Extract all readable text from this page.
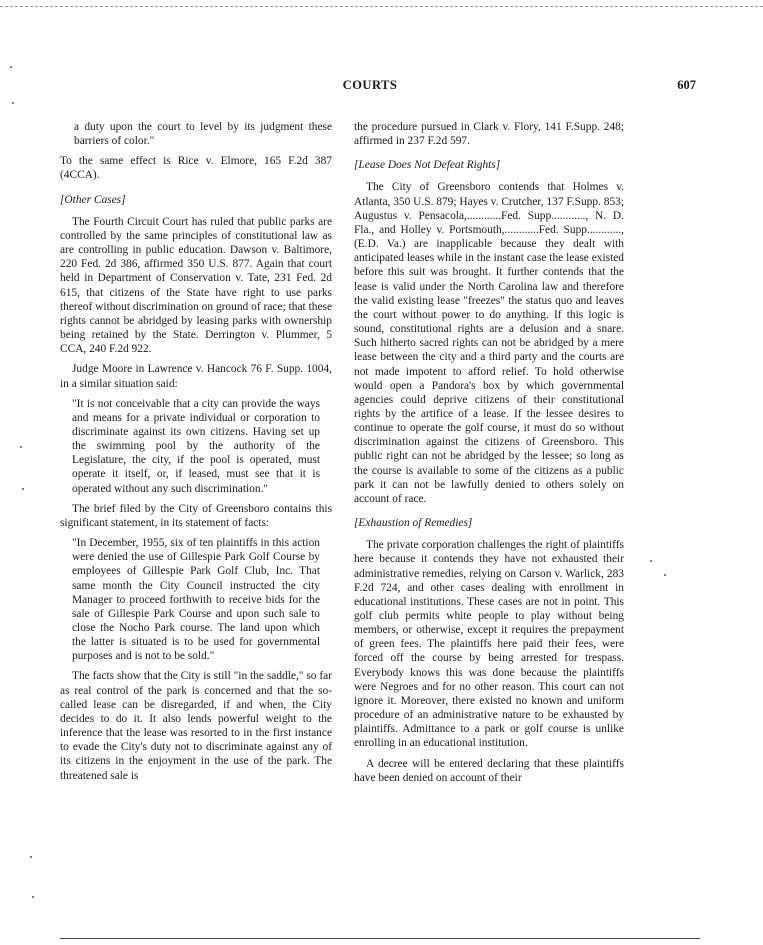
COURTS	607

a duty upon the court to level by its judgment these barriers of color."

To the same effect is Rice v. Elmore, 165 F.2d 387 (4CCA).

[Other Cases]

The Fourth Circuit Court has ruled that public parks are controlled by the same principles of constitutional law as are controlling in public education. Dawson v. Baltimore, 220 Fed. 2d 386, affirmed 350 U.S. 877. Again that court held in Department of Conservation v. Tate, 231 Fed. 2d 615, that citizens of the State have right to use parks thereof without discrimination on ground of race; that these rights cannot be abridged by leasing parks with ownership being retained by the State. Derrington v. Plummer, 5 CCA, 240 F.2d 922.

Judge Moore in Lawrence v. Hancock 76 F. Supp. 1004, in a similar situation said:

"It is not conceivable that a city can provide the ways and means for a private individual or corporation to discriminate against its own citizens. Having set up the swimming pool by the authority of the Legislature, the city, if the pool is operated, must operate it itself, or, if leased, must see that it is operated without any such discrimination."

The brief filed by the City of Greensboro contains this significant statement, in its statement of facts:

"In December, 1955, six of ten plaintiffs in this action were denied the use of Gillespie Park Golf Course by employees of Gillespie Park Golf Club, Inc. That same month the City Council instructed the city Manager to proceed forthwith to receive bids for the sale of Gillespie Park Course and upon such sale to close the Nocho Park course. The land upon which the latter is situated is to be used for governmental purposes and is not to be sold."

The facts show that the City is still "in the saddle," so far as real control of the park is concerned and that the so-called lease can be disregarded, if and when, the City decides to do it. It also lends powerful weight to the inference that the lease was resorted to in the first instance to evade the City's duty not to discriminate against any of its citizens in the enjoyment in the use of the park. The threatened sale is

the procedure pursued in Clark v. Flory, 141 F.Supp. 248; affirmed in 237 F.2d 597.

[Lease Does Not Defeat Rights]

The City of Greensboro contends that Holmes v. Atlanta, 350 U.S. 879; Hayes v. Crutcher, 137 F.Supp. 853; Augustus v. Pensacola,............Fed. Supp............, N. D. Fla., and Holley v. Portsmouth,............Fed. Supp............, (E.D. Va.) are inapplicable because they dealt with anticipated leases while in the instant case the lease existed before this suit was brought. It further contends that the lease is valid under the North Carolina law and therefore the valid existing lease "freezes" the status quo and leaves the court without power to do anything. If this logic is sound, constitutional rights are a delusion and a snare. Such hitherto sacred rights can not be abridged by a mere lease between the city and a third party and the courts are not made impotent to afford relief. To hold otherwise would open a Pandora's box by which governmental agencies could deprive citizens of their constitutional rights by the artifice of a lease. If the lessee desires to continue to operate the golf course, it must do so without discrimination against the citizens of Greensboro. This public right can not be abridged by the lessee; so long as the course is available to some of the citizens as a public park it can not be lawfully denied to others solely on account of race.

[Exhaustion of Remedies]

The private corporation challenges the right of plaintiffs here because it contends they have not exhausted their administrative remedies, relying on Carson v. Warlick, 283 F.2d 724, and other cases dealing with enrollment in educational institutions. These cases are not in point. This golf club permits white people to play without being members, or otherwise, except it requires the prepayment of green fees. The plaintiffs here paid their fees, were forced off the course by being arrested for trespass. Everybody knows this was done because the plaintiffs were Negroes and for no other reason. This court can not ignore it. Moreover, there existed no known and uniform procedure of an administrative nature to be exhausted by plaintiffs. Admittance to a park or golf course is unlike enrolling in an educational institution.

A decree will be entered declaring that these plaintiffs have been denied on account of their
